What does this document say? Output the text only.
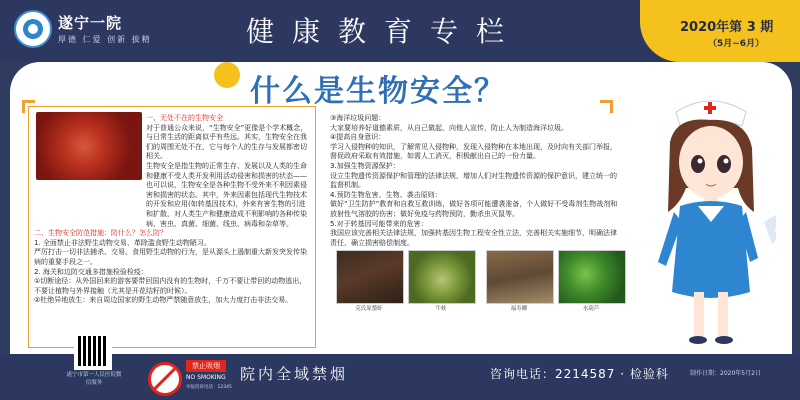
遂宁一院
厚德 仁爱 创新 拔精	健康教育专栏	2020年第 3 期
（5月~6月）
什么是生物安全？
一、无处不在的生物安全
对于普通公众来说，“生物安全”更像是个学术概念，与日常生活的距离似乎有些远。其实，生物安全在我们的周围无处不在，它与每个人的生存与发展都密切相关。
生物安全是指生物的正常生存、发展以及人类的生命和健康不受人类开发利用活动侵害和损害的状态——也可以说，生物安全是各种生物不受外来不利因素侵害和损害的状态。其中，外来因素包括现代生物技术的开发和应用(如转基因技术)，外来有害生物的引进和扩散，对人类生产和健康造成不利影响的各种传染病、害虫、真菌、细菌、线虫、病毒和杂草等。
二、生物安全防范措施：防什么？怎么防？
1. 全面禁止非法野生动物交易、革除滥食野生动物陋习。
严厉打击一切非法捕杀、交易、食用野生动物的行为，是从源头上遏制重大新发突发传染病的重要手段之一。
2. 海关和边防交通多措施检验检疫：
①切断途径：从外国回来的游客要带回国内没有的生物时，千万不要让带回的动物逃出，不要让植物与外界接触（尤其是开花结籽的时候）。
②杜绝异地放生：来自周边国家的野生动物严禁随意放生，加大力度打击非法交易。
③海洋垃圾问题：
大家要培养好道德素质，从自己做起，向他人宣传，防止人为制造海洋垃圾。
④提高自身意识：
学习入侵物种的知识，了解常见入侵物种，发现入侵物种在本地出现，及时向有关部门举报，督促政府采取有效措施，如需人工消灭，积极献出自己的一份力量。
3.加强生物资源保护：
设立生物遗传资源保护和管理的法律法规，增加人们对生物遗传资源的保护意识，建立统一的监督机制。
4.预防生物危害、生物、袭击原则：
做好“卫生防护”教育和自救互救训练，做好各项可能遭袭准备，个人做好不受毒剂生物战剂和放射性气溶胶的伤害；做好免疫与药物预防，勤杀虫灭鼠等。
5.对于转基因可能带来的危害：
我国应该完善相关法律法规，加强转基因生物工程安全性立法，完善相关实施细节，明确法律责任，确立损害赔偿制度。
克氏原螯虾	牛蛙	福寿螺	水葫芦
遂宁市第一人民医院微信服务
禁止吸烟
NO SMOKING
举报投诉电话：12345
院内全域禁烟	咨询电话：2214587 · 检验科	制作日期：2020年5月2日
